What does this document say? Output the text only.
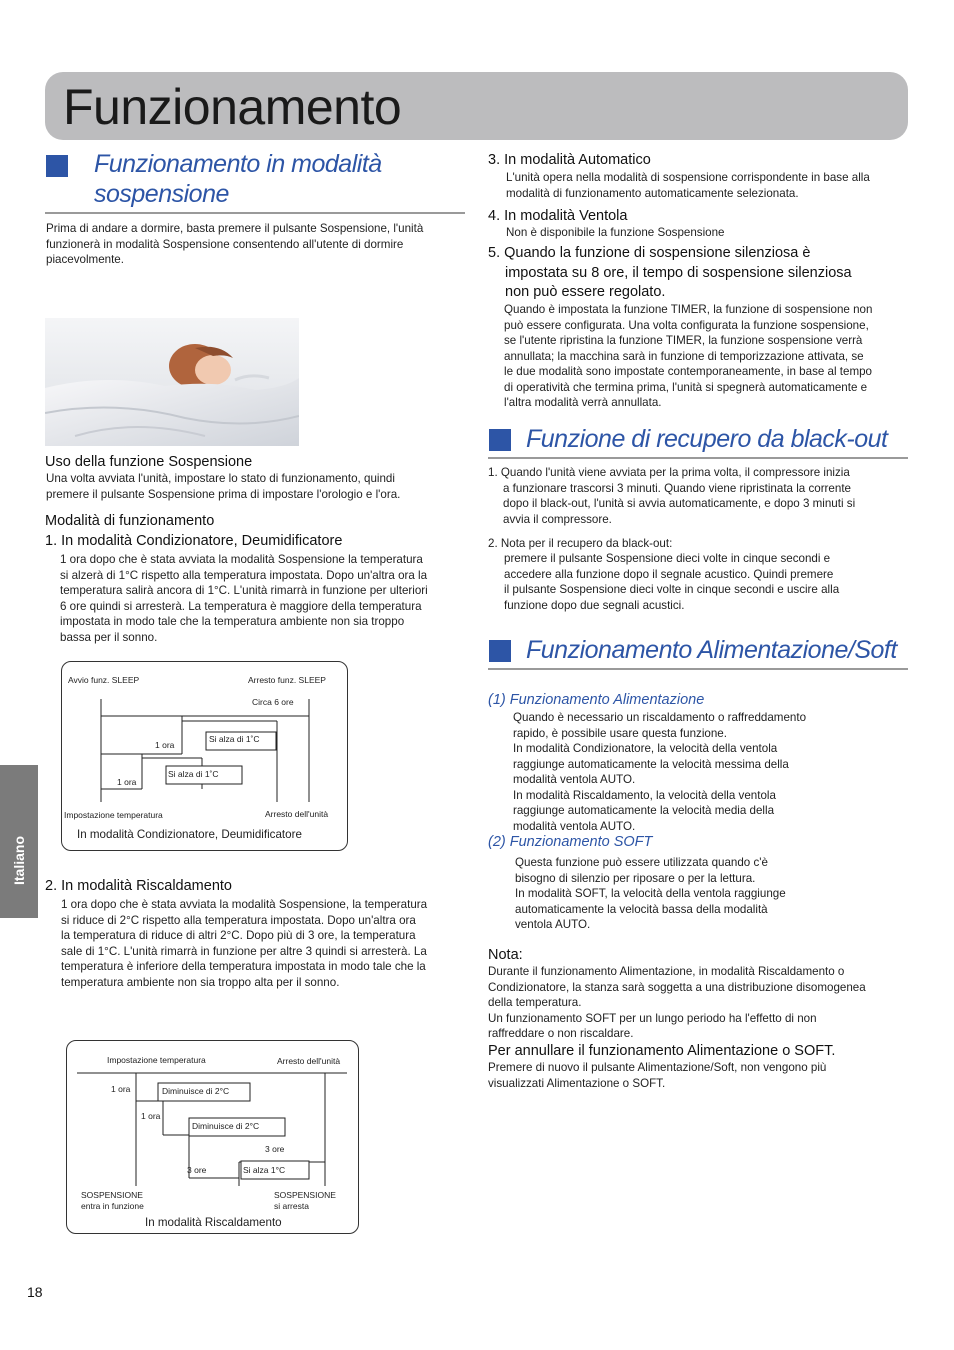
Funzionamento
Italiano
Funzionamento in modalità
sospensione
Prima di andare a dormire, basta premere il pulsante Sospensione, l'unità
funzionerà in modalità Sospensione consentendo all'utente di dormire
piacevolmente.
Uso della funzione Sospensione
Una volta avviata l'unità, impostare lo stato di funzionamento, quindi
premere il pulsante Sospensione prima di impostare l'orologio e l'ora.
Modalità di funzionamento
1. In modalità Condizionatore, Deumidificatore
1 ora dopo che è stata avviata la modalità Sospensione la temperatura
si alzerà di 1°C rispetto alla temperatura impostata. Dopo un'altra ora la
temperatura salirà ancora di 1°C. L'unità rimarrà in funzione per ulteriori
6 ore quindi si arresterà. La temperatura è maggiore della temperatura
impostata in modo tale che la temperatura ambiente non sia troppo
bassa per il sonno.
Avvio funz. SLEEP	Arresto funz. SLEEP
Circa 6 ore
1 ora
1 ora
Si alza di 1˚C
Si alza di 1˚C
Impostazione temperatura	Arresto dell'unità
In modalità Condizionatore, Deumidificatore
2. In modalità Riscaldamento
1 ora dopo che è stata avviata la modalità Sospensione, la temperatura
si riduce di 2°C rispetto alla temperatura impostata. Dopo un'altra ora
la temperatura di riduce di altri 2°C. Dopo più di 3 ore, la temperatura
sale di 1°C. L'unità rimarrà in funzione per altre 3 quindi si arresterà. La
temperatura è inferiore della temperatura impostata in modo tale che la
temperatura ambiente non sia troppo alta per il sonno.
Impostazione temperatura	Arresto dell'unità
1 ora
1 ora
Diminuisce di 2°C
Diminuisce di 2°C
3 ore
3 ore	Si alza 1°C
SOSPENSIONE
entra in funzione
SOSPENSIONE
si arresta
In modalità Riscaldamento
18
3. In modalità Automatico
L'unità opera nella modalità di sospensione corrispondente in base alla
modalità di funzionamento automaticamente selezionata.
4. In modalità Ventola
Non è disponibile la funzione Sospensione
5. Quando la funzione di sospensione silenziosa è
impostata su 8 ore, il tempo di sospensione silenziosa
non può essere regolato.
Quando è impostata la funzione TIMER, la funzione di sospensione non
può essere configurata. Una volta configurata la funzione sospensione,
se l'utente ripristina la funzione TIMER, la funzione sospensione verrà
annullata; la macchina sarà in funzione di temporizzazione attivata, se
le due modalità sono impostate contemporaneamente, in base al tempo
di operatività che termina prima, l'unità si spegnerà automaticamente e
l'altra modalità verrà annullata.
Funzione di recupero da black-out
1. Quando l'unità viene avviata per la prima volta, il compressore inizia
a funzionare trascorsi 3 minuti. Quando viene ripristinata la corrente
dopo il black-out, l'unità si avvia automaticamente, e dopo 3 minuti si
avvia il compressore.
2. Nota per il recupero da black-out:
premere il pulsante Sospensione dieci volte in cinque secondi e
accedere alla funzione dopo il segnale acustico. Quindi premere
il pulsante Sospensione dieci volte in cinque secondi e uscire alla
funzione dopo due segnali acustici.
Funzionamento Alimentazione/Soft
(1) Funzionamento Alimentazione
Quando è necessario un riscaldamento o raffreddamento
rapido, è possibile usare questa funzione.
In modalità Condizionatore, la velocità della ventola
raggiunge automaticamente la velocità messima della
modalità ventola AUTO.
In modalità Riscaldamento, la velocità della ventola
raggiunge automaticamente la velocità media della
modalità ventola AUTO.
(2) Funzionamento SOFT
Questa funzione può essere utilizzata quando c'è
bisogno di silenzio per riposare o per la lettura.
In modalità SOFT, la velocità della ventola raggiunge
automaticamente la velocità bassa della modalità
ventola AUTO.
Nota:
Durante il funzionamento Alimentazione, in modalità Riscaldamento o
Condizionatore, la stanza sarà soggetta a una distribuzione disomogenea
della temperatura.
Un funzionamento SOFT per un lungo periodo ha l'effetto di non
raffreddare o non riscaldare.
Per annullare il funzionamento Alimentazione o SOFT.
Premere di nuovo il pulsante Alimentazione/Soft, non vengono più
visualizzati Alimentazione o SOFT.
